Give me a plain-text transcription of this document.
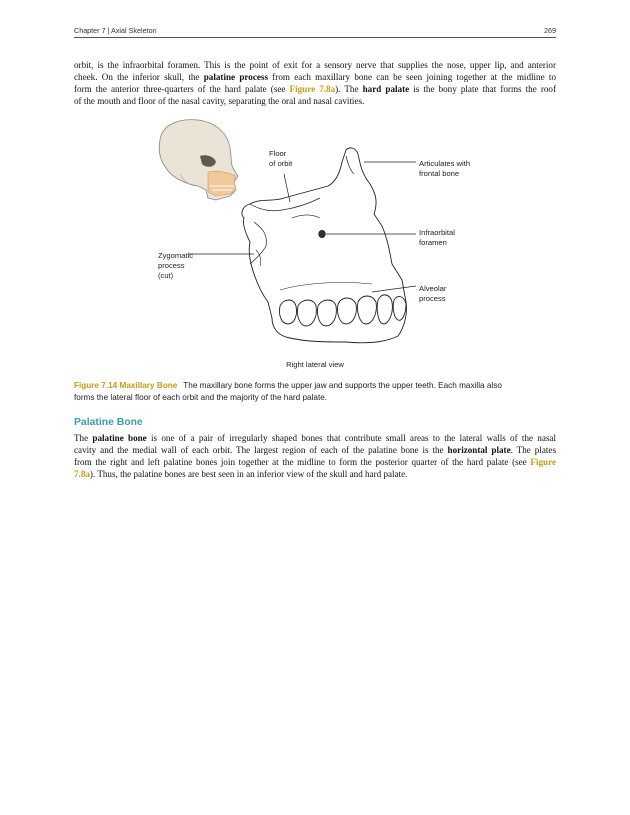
Chapter 7 | Axial Skeleton	269
orbit, is the infraorbital foramen. This is the point of exit for a sensory nerve that supplies the nose, upper lip, and anterior
cheek. On the inferior skull, the palatine process from each maxillary bone can be seen joining together at the midline to
form the anterior three-quarters of the hard palate (see Figure 7.8a). The hard palate is the bony plate that forms the roof
of the mouth and floor of the nasal cavity, separating the oral and nasal cavities.
Floor
of orbit	Articulates with
frontal bone
Infraorbital
foramen
Zygomatic
process
(cut)
Alveolar
process
Right lateral view
Figure 7.14 Maxillary Bone The maxillary bone forms the upper jaw and supports the upper teeth. Each maxilla also
forms the lateral floor of each orbit and the majority of the hard palate.
Palatine Bone
The palatine bone is one of a pair of irregularly shaped bones that contribute small areas to the lateral walls of the nasal
cavity and the medial wall of each orbit. The largest region of each of the palatine bone is the horizontal plate. The plates
from the right and left palatine bones join together at the midline to form the posterior quarter of the hard palate (see Figure
7.8a). Thus, the palatine bones are best seen in an inferior view of the skull and hard palate.
